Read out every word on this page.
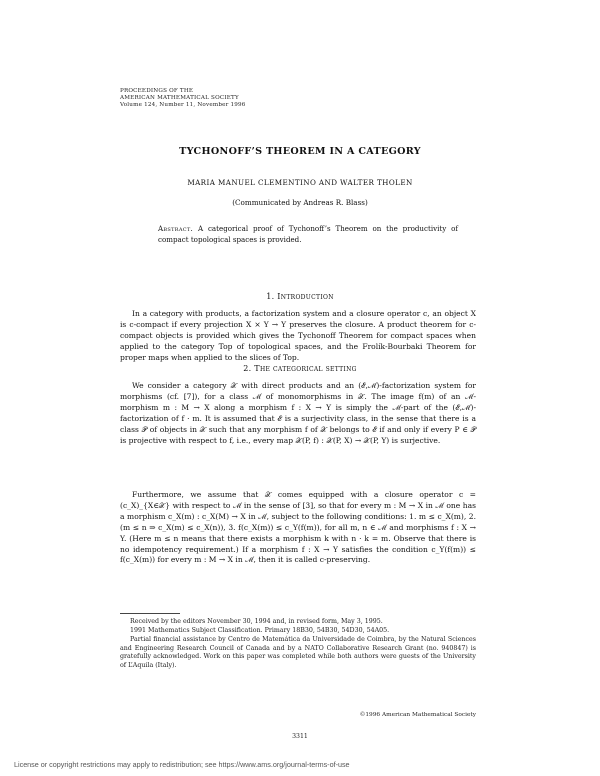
PROCEEDINGS OF THE
AMERICAN MATHEMATICAL SOCIETY
Volume 124, Number 11, November 1996
TYCHONOFF’S THEOREM IN A CATEGORY
MARIA MANUEL CLEMENTINO AND WALTER THOLEN
(Communicated by Andreas R. Blass)
Abstract. A categorical proof of Tychonoff’s Theorem on the productivity of compact topological spaces is provided.
1. Introduction
In a category with products, a factorization system and a closure operator c, an object X is c-compact if every projection X × Y → Y preserves the closure. A product theorem for c-compact objects is provided which gives the Tychonoff Theorem for compact spaces when applied to the category Top of topological spaces, and the Frolík-Bourbaki Theorem for proper maps when applied to the slices of Top.
2. The categorical setting
We consider a category 𝒳 with direct products and an (ℰ,ℳ)-factorization system for morphisms (cf. [7]), for a class ℳ of monomorphisms in 𝒳. The image f(m) of an ℳ-morphism m : M → X along a morphism f : X → Y is simply the ℳ-part of the (ℰ,ℳ)-factorization of f · m. It is assumed that ℰ is a surjectivity class, in the sense that there is a class 𝒫 of objects in 𝒳 such that any morphism f of 𝒳 belongs to ℰ if and only if every P ∈ 𝒫 is projective with respect to f, i.e., every map 𝒳(P, f) : 𝒳(P, X) → 𝒳(P, Y) is surjective.
Furthermore, we assume that 𝒳 comes equipped with a closure operator c = (c_X)_{X∈𝒳} with respect to ℳ in the sense of [3], so that for every m : M → X in ℳ one has a morphism c_X(m) : c_X(M) → X in ℳ, subject to the following conditions: 1. m ≤ c_X(m), 2. (m ≤ n ⇒ c_X(m) ≤ c_X(n)), 3. f(c_X(m)) ≤ c_Y(f(m)), for all m, n ∈ ℳ and morphisms f : X → Y. (Here m ≤ n means that there exists a morphism k with n · k = m. Observe that there is no idempotency requirement.) If a morphism f : X → Y satisfies the condition c_Y(f(m)) ≤ f(c_X(m)) for every m : M → X in ℳ, then it is called c-preserving.
Received by the editors November 30, 1994 and, in revised form, May 3, 1995.
1991 Mathematics Subject Classification. Primary 18B30, 54B30, 54D30, 54A05.
Partial financial assistance by Centro de Matemática da Universidade de Coimbra, by the Natural Sciences and Engineering Research Council of Canada and by a NATO Collaborative Research Grant (no. 940847) is gratefully acknowledged. Work on this paper was completed while both authors were guests of the University of L’Aquila (Italy).
©1996 American Mathematical Society
3311
License or copyright restrictions may apply to redistribution; see https://www.ams.org/journal-terms-of-use
